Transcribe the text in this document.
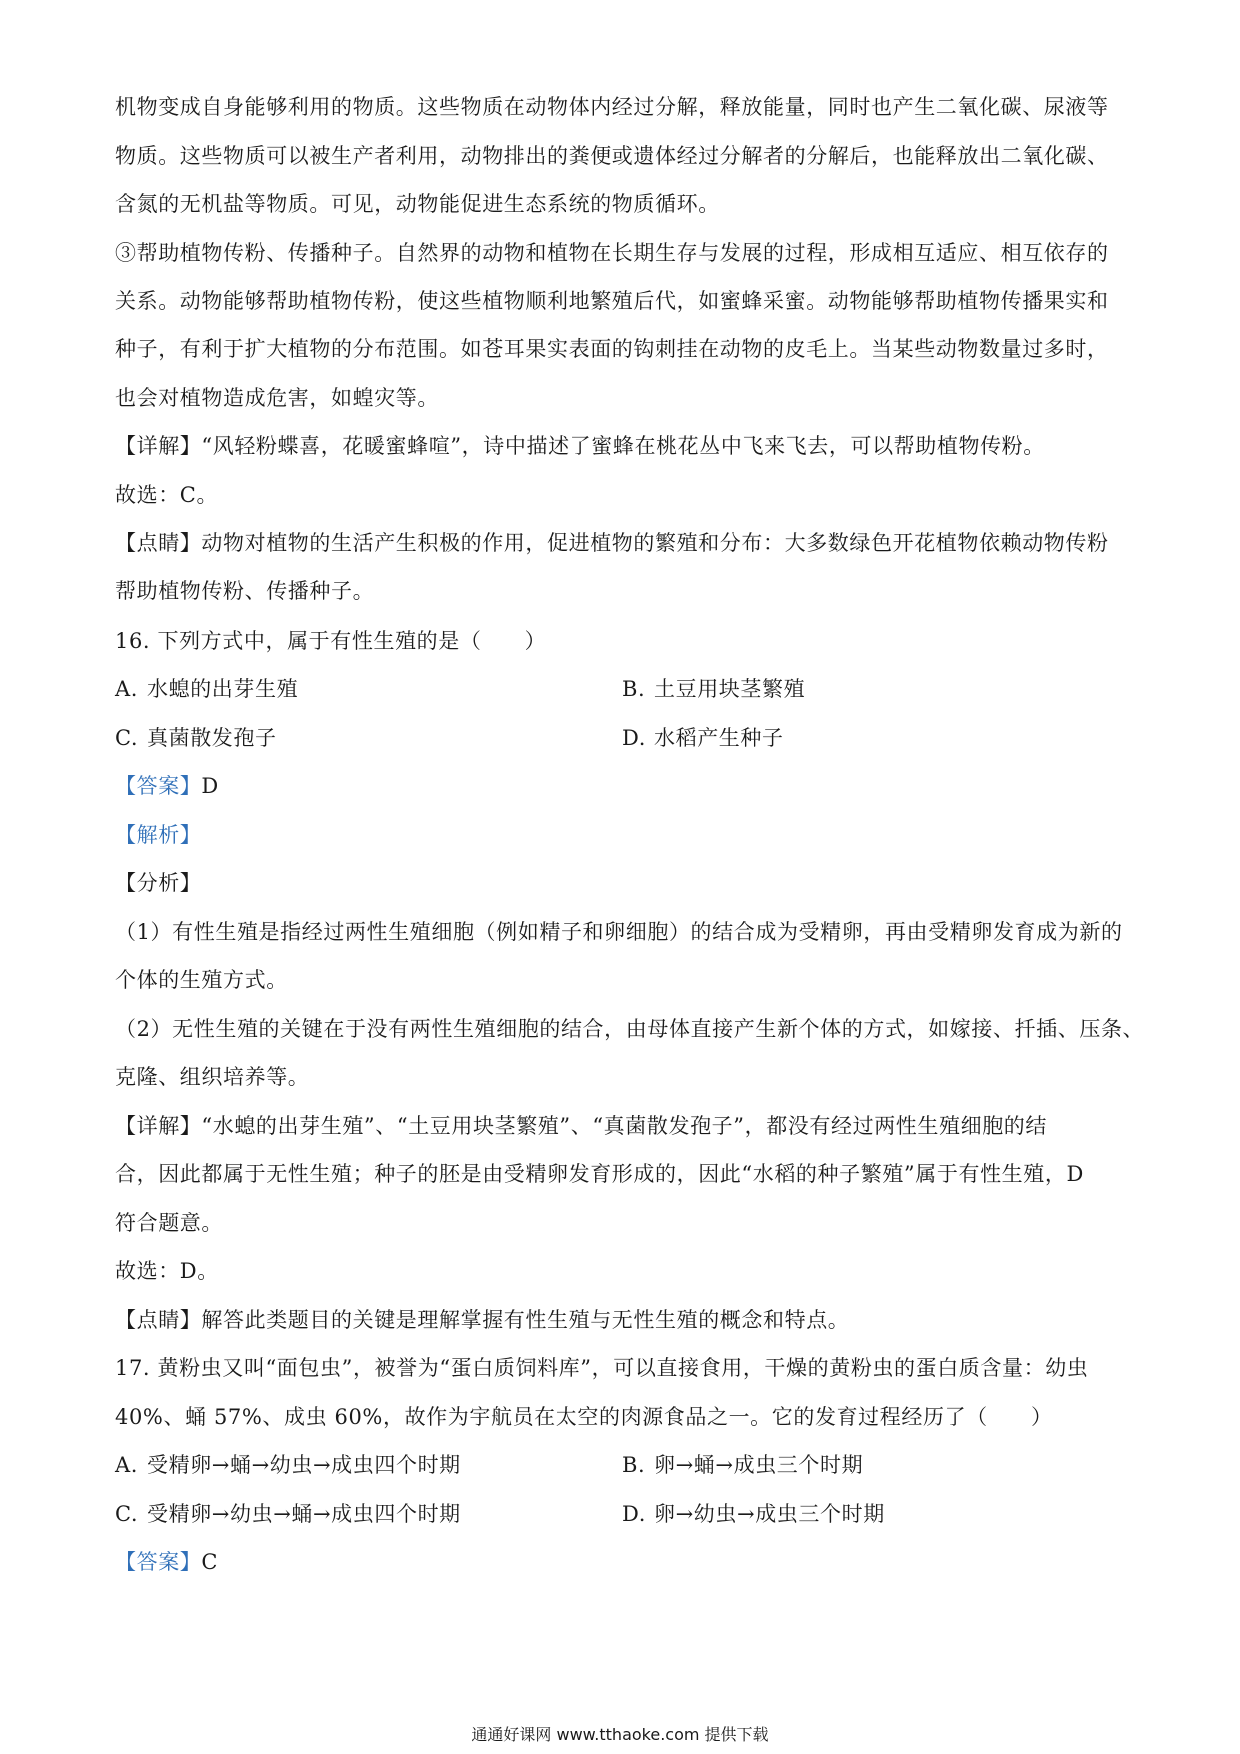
机物变成自身能够利用的物质。这些物质在动物体内经过分解，释放能量，同时也产生二氧化碳、尿液等
物质。这些物质可以被生产者利用，动物排出的粪便或遗体经过分解者的分解后，也能释放出二氧化碳、
含氮的无机盐等物质。可见，动物能促进生态系统的物质循环。
③帮助植物传粉、传播种子。自然界的动物和植物在长期生存与发展的过程，形成相互适应、相互依存的
关系。动物能够帮助植物传粉，使这些植物顺利地繁殖后代，如蜜蜂采蜜。动物能够帮助植物传播果实和
种子，有利于扩大植物的分布范围。如苍耳果实表面的钩刺挂在动物的皮毛上。当某些动物数量过多时，
也会对植物造成危害，如蝗灾等。
【详解】“风轻粉蝶喜，花暖蜜蜂喧”，诗中描述了蜜蜂在桃花丛中飞来飞去，可以帮助植物传粉。
故选：C。
【点睛】动物对植物的生活产生积极的作用，促进植物的繁殖和分布：大多数绿色开花植物依赖动物传粉
帮助植物传粉、传播种子。
16. 下列方式中，属于有性生殖的是（　　）
A. 水螅的出芽生殖	B. 土豆用块茎繁殖
C. 真菌散发孢子	D. 水稻产生种子
【答案】D
【解析】
【分析】
（1）有性生殖是指经过两性生殖细胞（例如精子和卵细胞）的结合成为受精卵，再由受精卵发育成为新的
个体的生殖方式。
（2）无性生殖的关键在于没有两性生殖细胞的结合，由母体直接产生新个体的方式，如嫁接、扦插、压条、
克隆、组织培养等。
【详解】“水螅的出芽生殖”、“土豆用块茎繁殖”、“真菌散发孢子”，都没有经过两性生殖细胞的结
合，因此都属于无性生殖；种子的胚是由受精卵发育形成的，因此“水稻的种子繁殖”属于有性生殖，D
符合题意。
故选：D。
【点睛】解答此类题目的关键是理解掌握有性生殖与无性生殖的概念和特点。
17. 黄粉虫又叫“面包虫”，被誉为“蛋白质饲料库”，可以直接食用，干燥的黄粉虫的蛋白质含量：幼虫
40%、蛹 57%、成虫 60%，故作为宇航员在太空的肉源食品之一。它的发育过程经历了（　　）
A. 受精卵→蛹→幼虫→成虫四个时期	B. 卵→蛹→成虫三个时期
C. 受精卵→幼虫→蛹→成虫四个时期	D. 卵→幼虫→成虫三个时期
【答案】C
通通好课网 www.tthaoke.com 提供下载
